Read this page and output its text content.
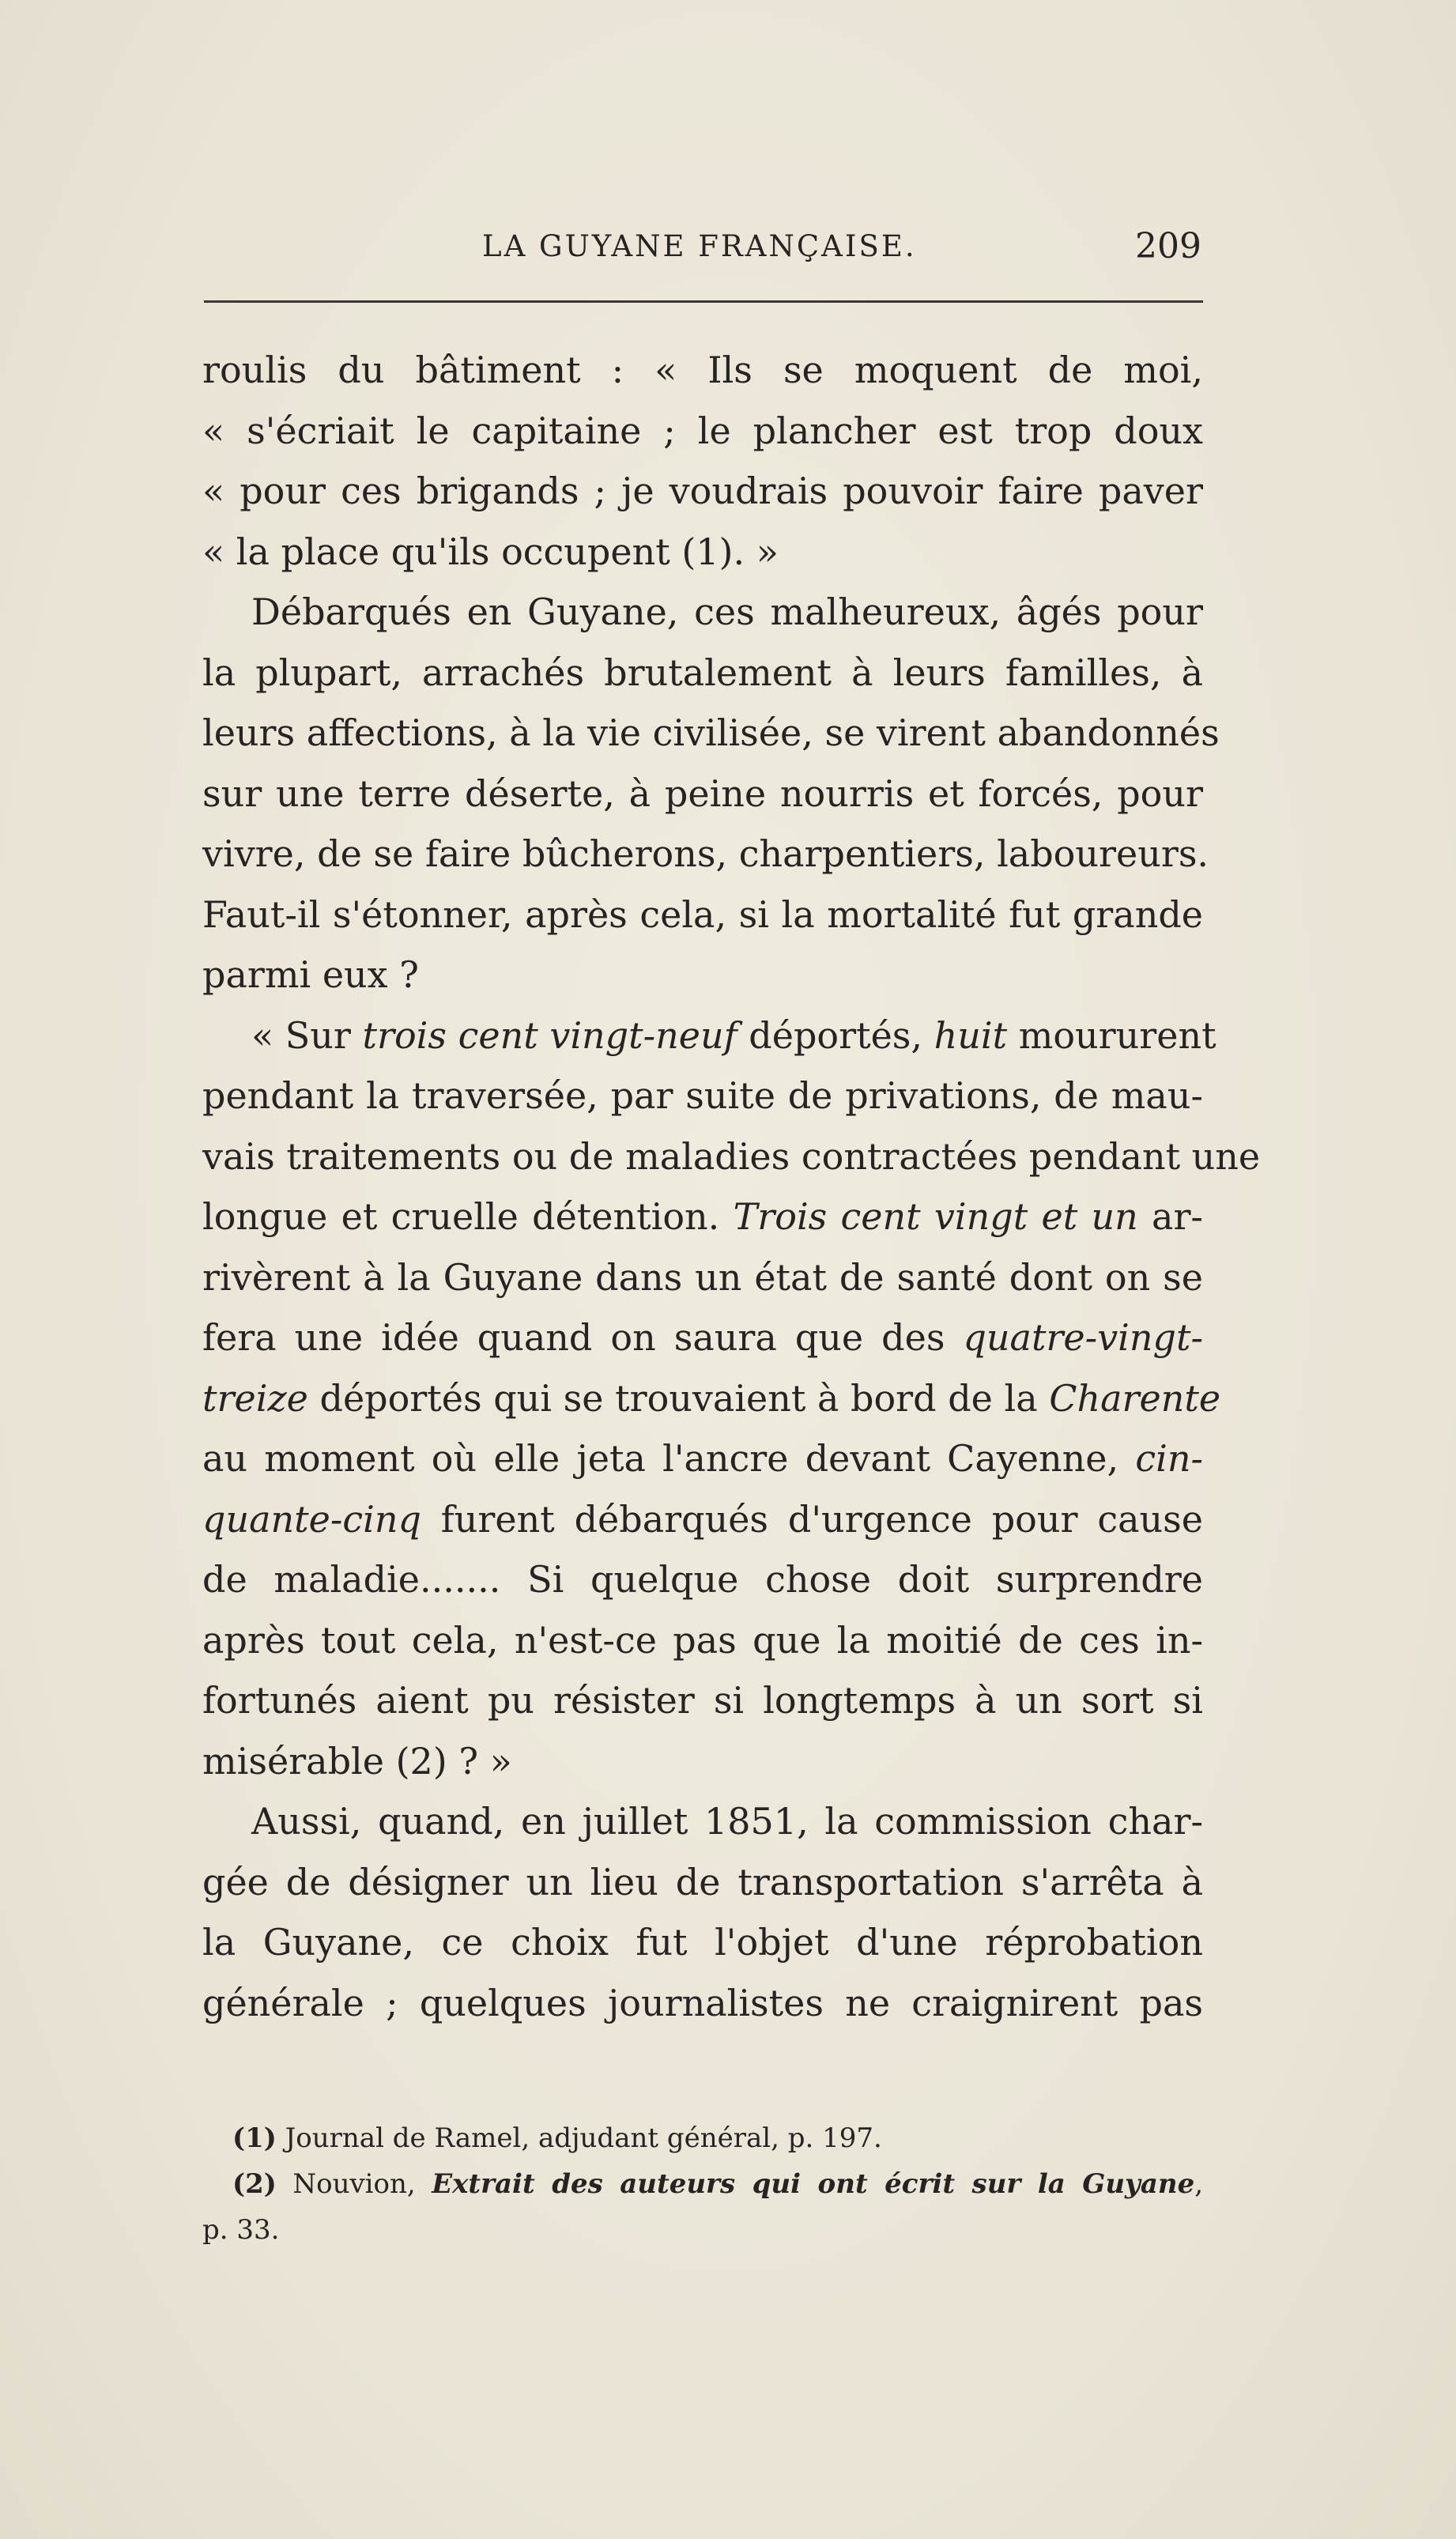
LA GUYANE FRANÇAISE.	209
roulis du bâtiment : « Ils se moquent de moi,
« s'écriait le capitaine ; le plancher est trop doux
« pour ces brigands ; je voudrais pouvoir faire paver
« la place qu'ils occupent (1). »
Débarqués en Guyane, ces malheureux, âgés pour
la plupart, arrachés brutalement à leurs familles, à
leurs affections, à la vie civilisée, se virent abandonnés
sur une terre déserte, à peine nourris et forcés, pour
vivre, de se faire bûcherons, charpentiers, laboureurs.
Faut-il s'étonner, après cela, si la mortalité fut grande
parmi eux ?
« Sur trois cent vingt-neuf déportés, huit moururent
pendant la traversée, par suite de privations, de mau-
vais traitements ou de maladies contractées pendant une
longue et cruelle détention. Trois cent vingt et un ar-
rivèrent à la Guyane dans un état de santé dont on se
fera une idée quand on saura que des quatre-vingt-
treize déportés qui se trouvaient à bord de la Charente
au moment où elle jeta l'ancre devant Cayenne, cin-
quante-cinq furent débarqués d'urgence pour cause
de maladie....... Si quelque chose doit surprendre
après tout cela, n'est-ce pas que la moitié de ces in-
fortunés aient pu résister si longtemps à un sort si
misérable (2) ? »
Aussi, quand, en juillet 1851, la commission char-
gée de désigner un lieu de transportation s'arrêta à
la Guyane, ce choix fut l'objet d'une réprobation
générale ; quelques journalistes ne craignirent pas
(1) Journal de Ramel, adjudant général, p. 197.
(2) Nouvion, Extrait des auteurs qui ont écrit sur la Guyane,
p. 33.
